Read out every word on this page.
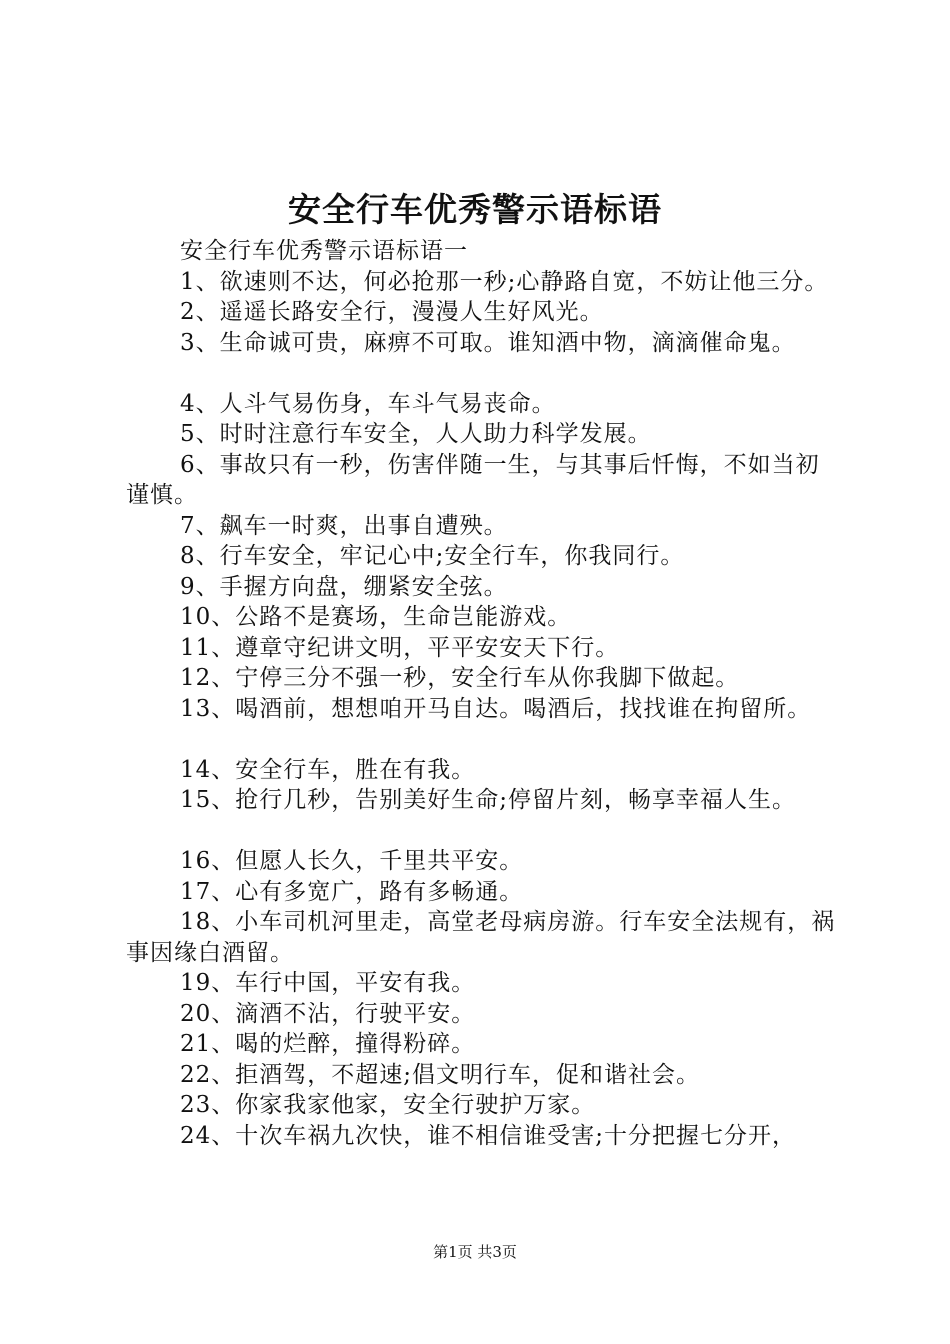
安全行车优秀警示语标语

安全行车优秀警示语标语一

1、欲速则不达，何必抢那一秒;心静路自宽，不妨让他三分。

2、遥遥长路安全行，漫漫人生好风光。

3、生命诚可贵，麻痹不可取。谁知酒中物，滴滴催命鬼。

4、人斗气易伤身，车斗气易丧命。

5、时时注意行车安全，人人助力科学发展。

6、事故只有一秒，伤害伴随一生，与其事后忏悔，不如当初谨慎。

7、飙车一时爽，出事自遭殃。

8、行车安全，牢记心中;安全行车，你我同行。

9、手握方向盘，绷紧安全弦。

10、公路不是赛场，生命岂能游戏。

11、遵章守纪讲文明，平平安安天下行。

12、宁停三分不强一秒，安全行车从你我脚下做起。

13、喝酒前，想想咱开马自达。喝酒后，找找谁在拘留所。

14、安全行车，胜在有我。

15、抢行几秒，告别美好生命;停留片刻，畅享幸福人生。

16、但愿人长久，千里共平安。

17、心有多宽广，路有多畅通。

18、小车司机河里走，高堂老母病房游。行车安全法规有，祸事因缘白酒留。

19、车行中国，平安有我。

20、滴酒不沾，行驶平安。

21、喝的烂醉，撞得粉碎。

22、拒酒驾，不超速;倡文明行车，促和谐社会。

23、你家我家他家，安全行驶护万家。

24、十次车祸九次快，谁不相信谁受害;十分把握七分开，

第1页 共3页
